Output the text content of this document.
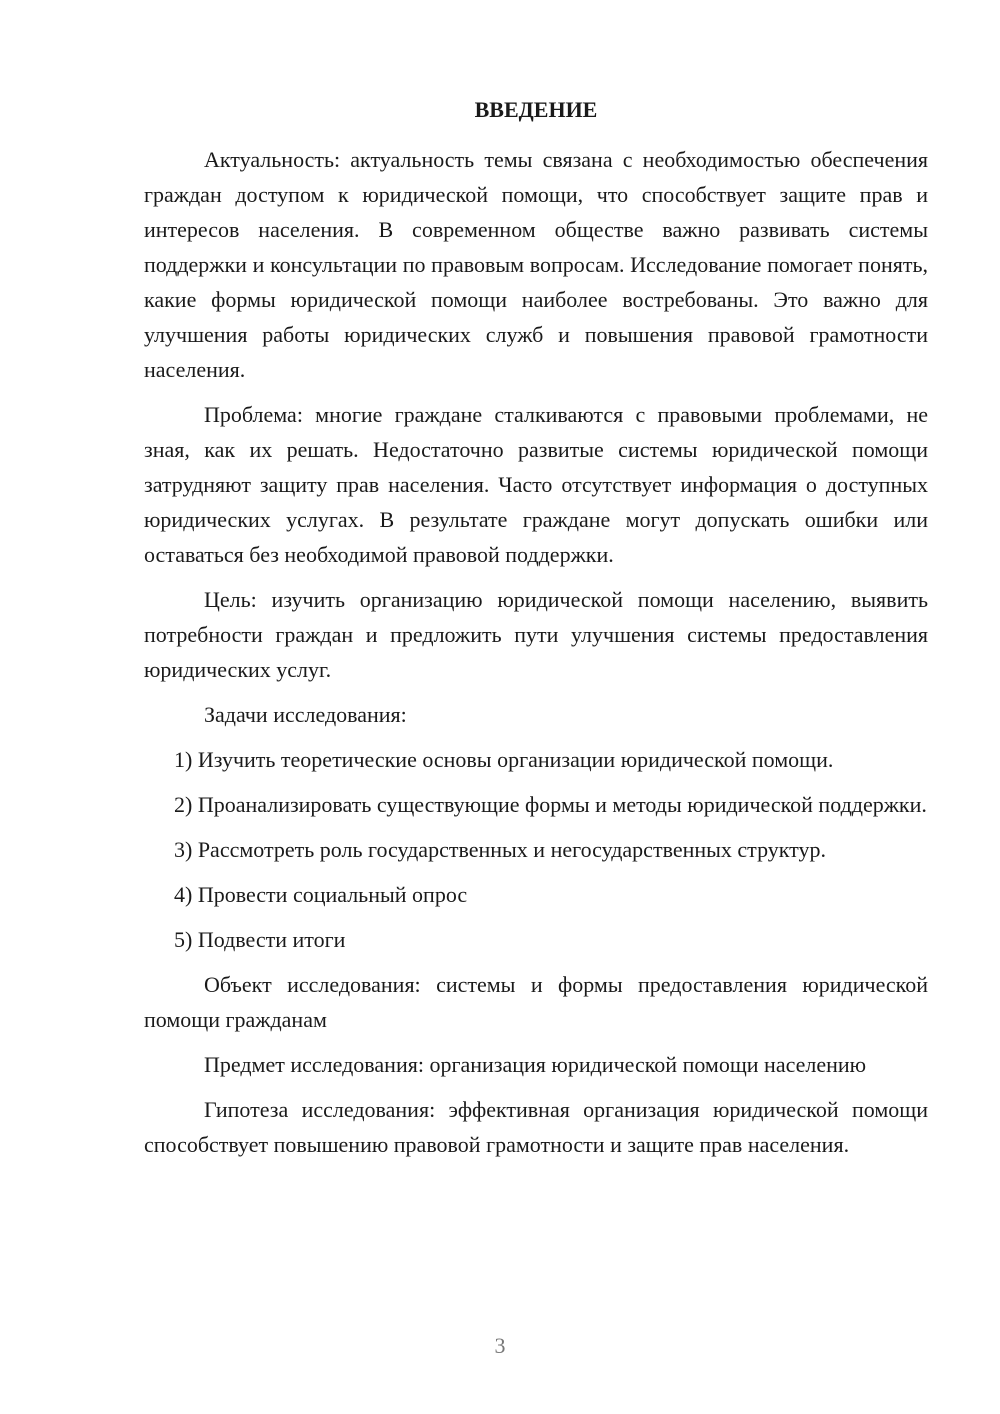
ВВЕДЕНИЕ

Актуальность: актуальность темы связана с необходимостью обеспечения граждан доступом к юридической помощи, что способствует защите прав и интересов населения. В современном обществе важно развивать системы поддержки и консультации по правовым вопросам. Исследование помогает понять, какие формы юридической помощи наиболее востребованы. Это важно для улучшения работы юридических служб и повышения правовой грамотности населения.

Проблема: многие граждане сталкиваются с правовыми проблемами, не зная, как их решать. Недостаточно развитые системы юридической помощи затрудняют защиту прав населения. Часто отсутствует информация о доступных юридических услугах. В результате граждане могут допускать ошибки или оставаться без необходимой правовой поддержки.

Цель: изучить организацию юридической помощи населению, выявить потребности граждан и предложить пути улучшения системы предоставления юридических услуг.

Задачи исследования:

1) Изучить теоретические основы организации юридической помощи.

2) Проанализировать существующие формы и методы юридической поддержки.

3) Рассмотреть роль государственных и негосударственных структур.

4) Провести социальный опрос

5) Подвести итоги

Объект исследования: системы и формы предоставления юридической помощи гражданам

Предмет исследования: организация юридической помощи населению

Гипотеза исследования: эффективная организация юридической помощи способствует повышению правовой грамотности и защите прав населения.

3
